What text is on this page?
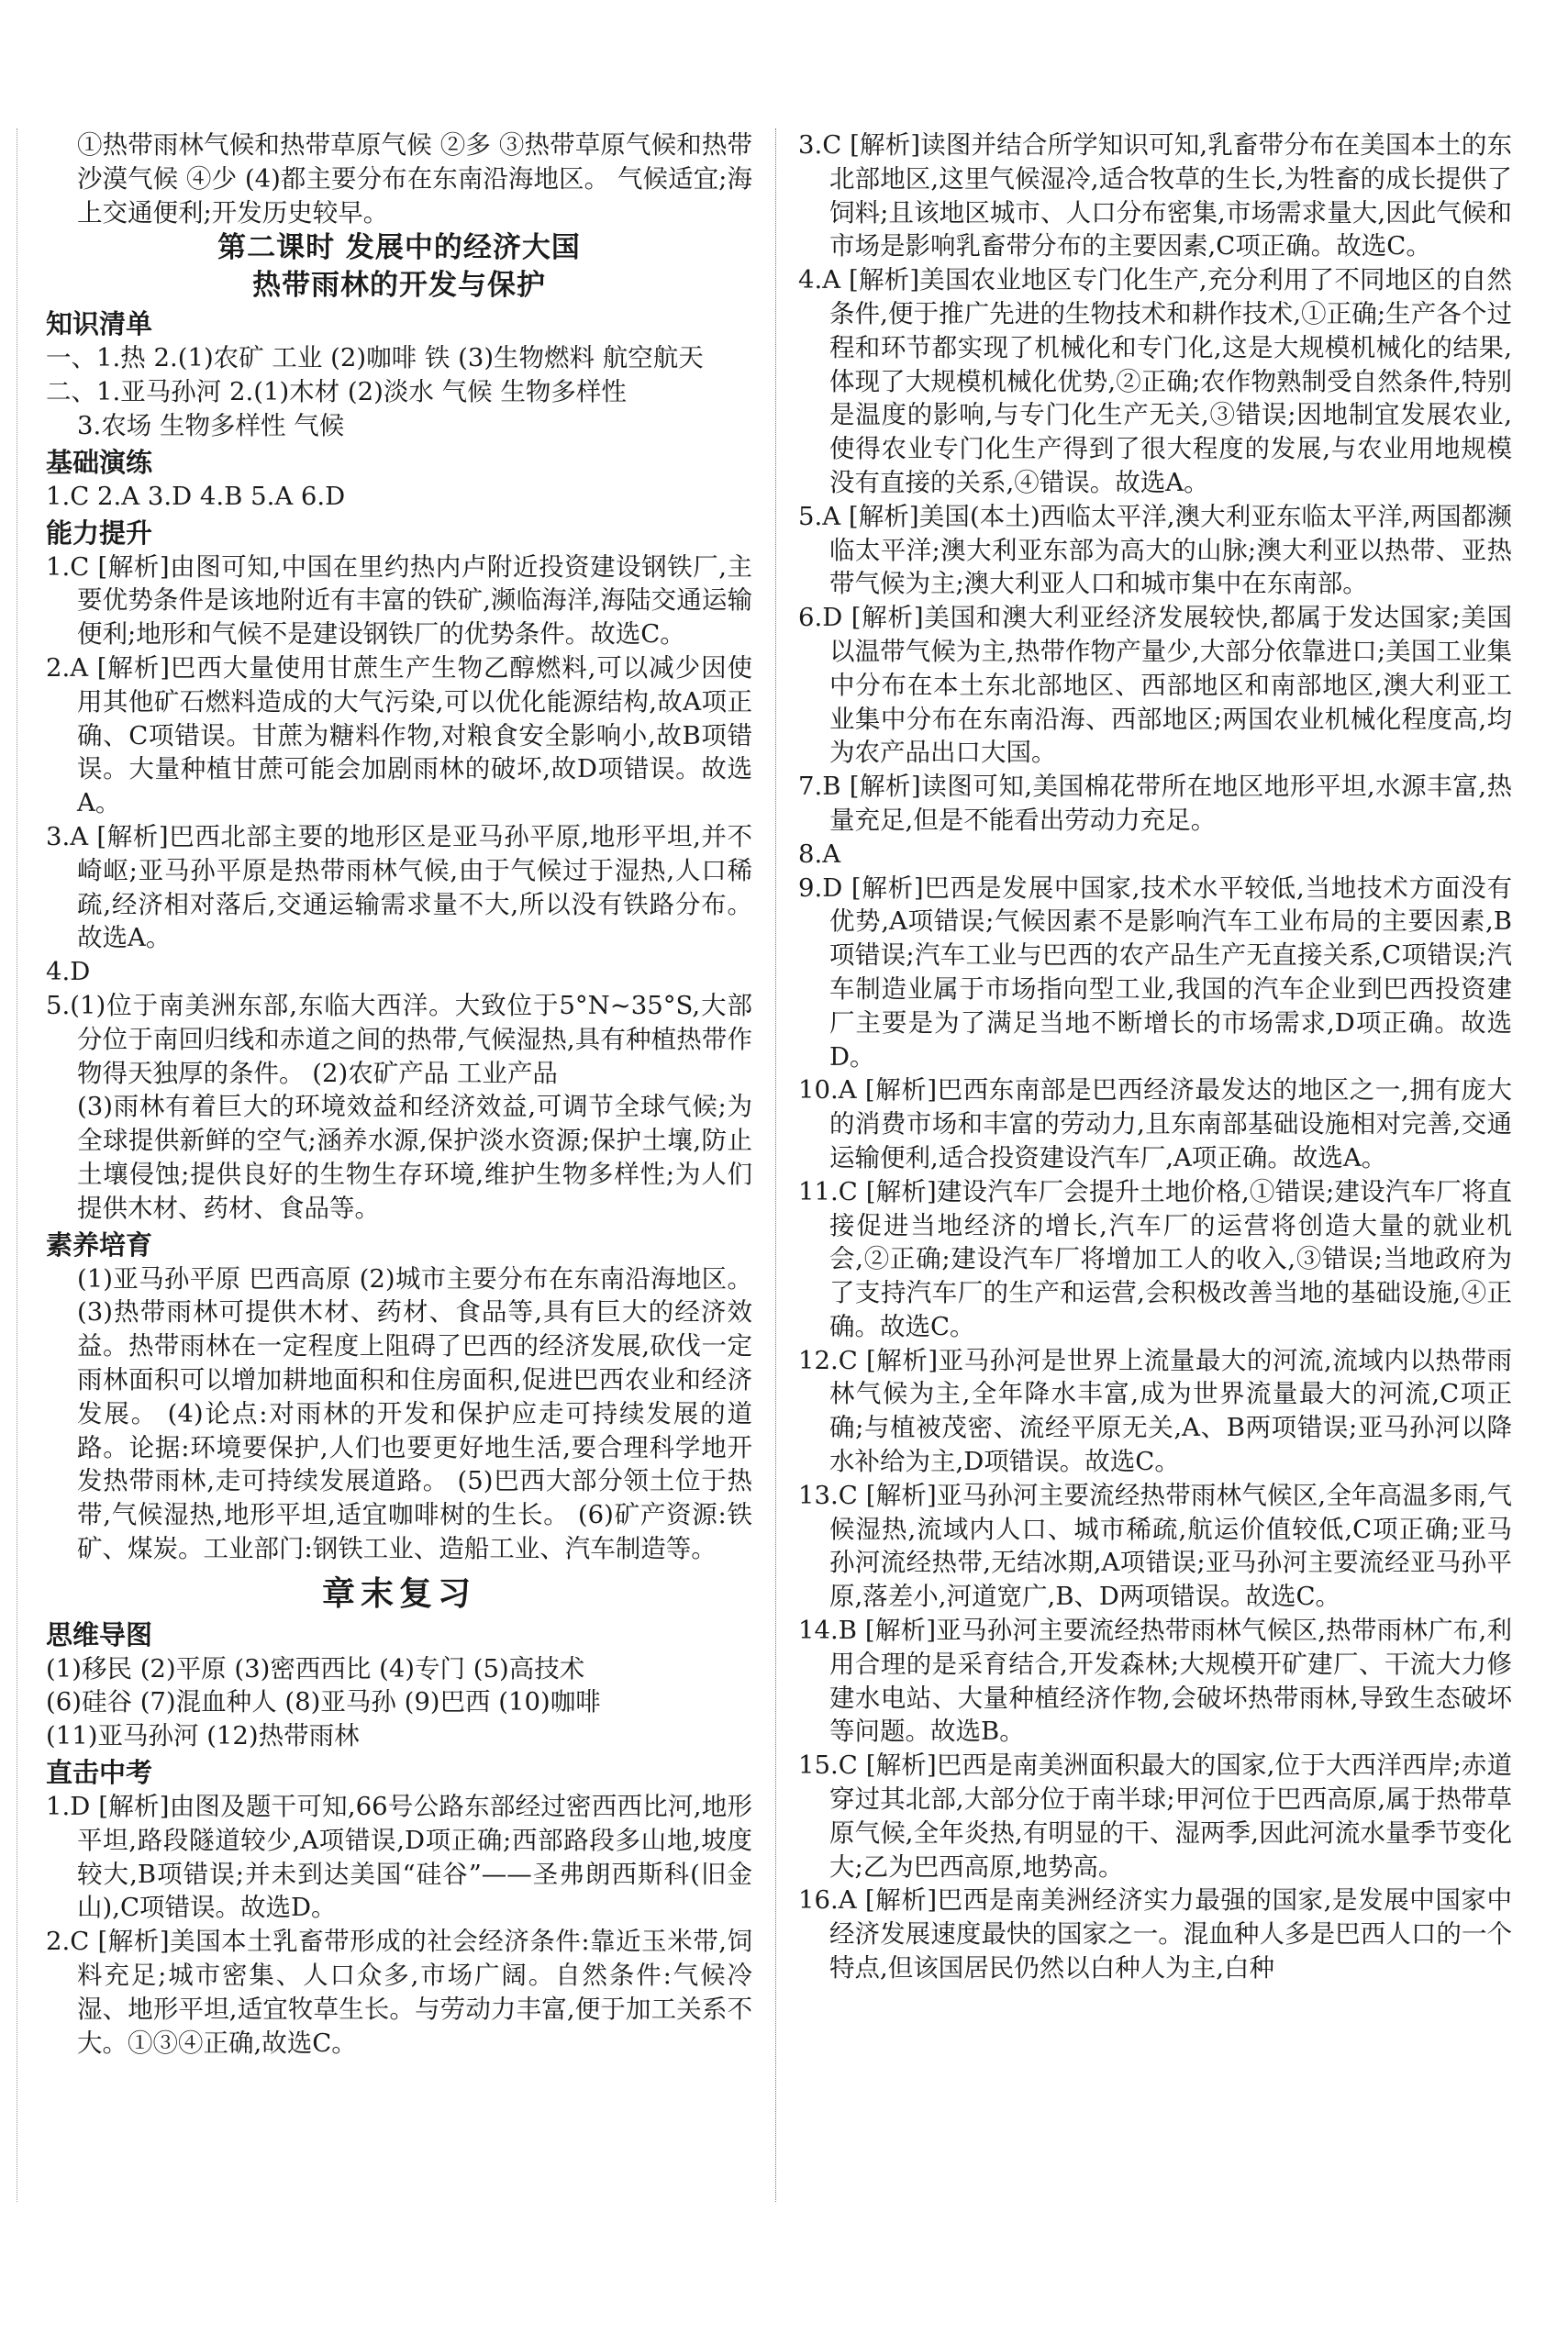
①热带雨林气候和热带草原气候 ②多 ③热带草原气候和热带沙漠气候 ④少 (4)都主要分布在东南沿海地区。 气候适宜;海上交通便利;开发历史较早。

第二课时 发展中的经济大国
热带雨林的开发与保护
知识清单

一、1.热 2.(1)农矿 工业 (2)咖啡 铁 (3)生物燃料 航空航天

二、1.亚马孙河 2.(1)木材 (2)淡水 气候 生物多样性

3.农场 生物多样性 气候

基础演练

1.C 2.A 3.D 4.B 5.A 6.D

能力提升

1.C [解析]由图可知,中国在里约热内卢附近投资建设钢铁厂,主要优势条件是该地附近有丰富的铁矿,濒临海洋,海陆交通运输便利;地形和气候不是建设钢铁厂的优势条件。故选C。

2.A [解析]巴西大量使用甘蔗生产生物乙醇燃料,可以减少因使用其他矿石燃料造成的大气污染,可以优化能源结构,故A项正确、C项错误。甘蔗为糖料作物,对粮食安全影响小,故B项错误。大量种植甘蔗可能会加剧雨林的破坏,故D项错误。故选A。

3.A [解析]巴西北部主要的地形区是亚马孙平原,地形平坦,并不崎岖;亚马孙平原是热带雨林气候,由于气候过于湿热,人口稀疏,经济相对落后,交通运输需求量不大,所以没有铁路分布。故选A。

4.D

5.(1)位于南美洲东部,东临大西洋。大致位于5°N~35°S,大部分位于南回归线和赤道之间的热带,气候湿热,具有种植热带作物得天独厚的条件。 (2)农矿产品 工业产品

(3)雨林有着巨大的环境效益和经济效益,可调节全球气候;为全球提供新鲜的空气;涵养水源,保护淡水资源;保护土壤,防止土壤侵蚀;提供良好的生物生存环境,维护生物多样性;为人们提供木材、药材、食品等。

素养培育

(1)亚马孙平原 巴西高原 (2)城市主要分布在东南沿海地区。 (3)热带雨林可提供木材、药材、食品等,具有巨大的经济效益。热带雨林在一定程度上阻碍了巴西的经济发展,砍伐一定雨林面积可以增加耕地面积和住房面积,促进巴西农业和经济发展。 (4)论点:对雨林的开发和保护应走可持续发展的道路。论据:环境要保护,人们也要更好地生活,要合理科学地开发热带雨林,走可持续发展道路。 (5)巴西大部分领土位于热带,气候湿热,地形平坦,适宜咖啡树的生长。 (6)矿产资源:铁矿、煤炭。工业部门:钢铁工业、造船工业、汽车制造等。

章末复习
思维导图

(1)移民 (2)平原 (3)密西西比 (4)专门 (5)高技术

(6)硅谷 (7)混血种人 (8)亚马孙 (9)巴西 (10)咖啡

(11)亚马孙河 (12)热带雨林

直击中考

1.D [解析]由图及题干可知,66号公路东部经过密西西比河,地形平坦,路段隧道较少,A项错误,D项正确;西部路段多山地,坡度较大,B项错误;并未到达美国“硅谷”——圣弗朗西斯科(旧金山),C项错误。故选D。

2.C [解析]美国本土乳畜带形成的社会经济条件:靠近玉米带,饲料充足;城市密集、人口众多,市场广阔。自然条件:气候冷湿、地形平坦,适宜牧草生长。与劳动力丰富,便于加工关系不大。①③④正确,故选C。

3.C [解析]读图并结合所学知识可知,乳畜带分布在美国本土的东北部地区,这里气候湿冷,适合牧草的生长,为牲畜的成长提供了饲料;且该地区城市、人口分布密集,市场需求量大,因此气候和市场是影响乳畜带分布的主要因素,C项正确。故选C。

4.A [解析]美国农业地区专门化生产,充分利用了不同地区的自然条件,便于推广先进的生物技术和耕作技术,①正确;生产各个过程和环节都实现了机械化和专门化,这是大规模机械化的结果,体现了大规模机械化优势,②正确;农作物熟制受自然条件,特别是温度的影响,与专门化生产无关,③错误;因地制宜发展农业,使得农业专门化生产得到了很大程度的发展,与农业用地规模没有直接的关系,④错误。故选A。

5.A [解析]美国(本土)西临太平洋,澳大利亚东临太平洋,两国都濒临太平洋;澳大利亚东部为高大的山脉;澳大利亚以热带、亚热带气候为主;澳大利亚人口和城市集中在东南部。

6.D [解析]美国和澳大利亚经济发展较快,都属于发达国家;美国以温带气候为主,热带作物产量少,大部分依靠进口;美国工业集中分布在本土东北部地区、西部地区和南部地区,澳大利亚工业集中分布在东南沿海、西部地区;两国农业机械化程度高,均为农产品出口大国。

7.B [解析]读图可知,美国棉花带所在地区地形平坦,水源丰富,热量充足,但是不能看出劳动力充足。

8.A

9.D [解析]巴西是发展中国家,技术水平较低,当地技术方面没有优势,A项错误;气候因素不是影响汽车工业布局的主要因素,B项错误;汽车工业与巴西的农产品生产无直接关系,C项错误;汽车制造业属于市场指向型工业,我国的汽车企业到巴西投资建厂主要是为了满足当地不断增长的市场需求,D项正确。故选D。

10.A [解析]巴西东南部是巴西经济最发达的地区之一,拥有庞大的消费市场和丰富的劳动力,且东南部基础设施相对完善,交通运输便利,适合投资建设汽车厂,A项正确。故选A。

11.C [解析]建设汽车厂会提升土地价格,①错误;建设汽车厂将直接促进当地经济的增长,汽车厂的运营将创造大量的就业机会,②正确;建设汽车厂将增加工人的收入,③错误;当地政府为了支持汽车厂的生产和运营,会积极改善当地的基础设施,④正确。故选C。

12.C [解析]亚马孙河是世界上流量最大的河流,流域内以热带雨林气候为主,全年降水丰富,成为世界流量最大的河流,C项正确;与植被茂密、流经平原无关,A、B两项错误;亚马孙河以降水补给为主,D项错误。故选C。

13.C [解析]亚马孙河主要流经热带雨林气候区,全年高温多雨,气候湿热,流域内人口、城市稀疏,航运价值较低,C项正确;亚马孙河流经热带,无结冰期,A项错误;亚马孙河主要流经亚马孙平原,落差小,河道宽广,B、D两项错误。故选C。

14.B [解析]亚马孙河主要流经热带雨林气候区,热带雨林广布,利用合理的是采育结合,开发森林;大规模开矿建厂、干流大力修建水电站、大量种植经济作物,会破坏热带雨林,导致生态破坏等问题。故选B。

15.C [解析]巴西是南美洲面积最大的国家,位于大西洋西岸;赤道穿过其北部,大部分位于南半球;甲河位于巴西高原,属于热带草原气候,全年炎热,有明显的干、湿两季,因此河流水量季节变化大;乙为巴西高原,地势高。

16.A [解析]巴西是南美洲经济实力最强的国家,是发展中国家中经济发展速度最快的国家之一。混血种人多是巴西人口的一个特点,但该国居民仍然以白种人为主,白种
